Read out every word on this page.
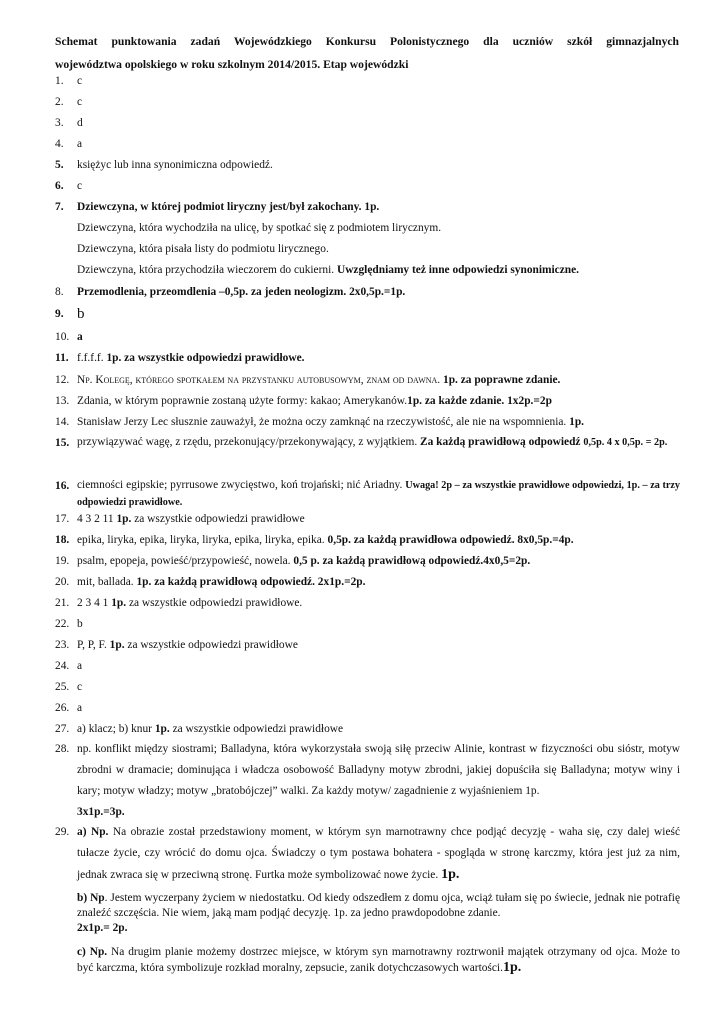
Schemat punktowania zadań Wojewódzkiego Konkursu Polonistycznego dla uczniów szkół gimnazjalnych
województwa opolskiego w roku szkolnym 2014/2015. Etap wojewódzki
1.	c
2.	c
3.	d
4.	a
5.	księżyc lub inna synonimiczna odpowiedź.
6.	c
7.	Dziewczyna, w której podmiot liryczny jest/był zakochany. 1p.
Dziewczyna, która wychodziła na ulicę, by spotkać się z podmiotem lirycznym.
Dziewczyna, która pisała listy do podmiotu lirycznego.
Dziewczyna, która przychodziła wieczorem do cukierni. Uwzględniamy też inne odpowiedzi synonimiczne.
8.	Przemodlenia, przeomdlenia –0,5p. za jeden neologizm. 2x0,5p.=1p.
9. b
10. a
11. f.f.f.f. 1p. za wszystkie odpowiedzi prawidłowe.
12. Np. Kolegę, którego spotkałem na przystanku autobusowym, znam od dawna. 1p. za poprawne zdanie.
13. Zdania, w którym poprawnie zostaną użyte formy: kakao; Amerykanów.1p. za każde zdanie. 1x2p.=2p
14. Stanisław Jerzy Lec słusznie zauważył, że można oczy zamknąć na rzeczywistość, ale nie na wspomnienia. 1p.
15. przywiązywać wagę, z rzędu, przekonujący/przekonywający, z wyjątkiem. Za każdą prawidłową odpowiedź 0,5p. 4 x 0,5p. = 2p.
16. ciemności egipskie; pyrrusowe zwycięstwo, koń trojański; nić Ariadny. Uwaga! 2p – za wszystkie prawidłowe odpowiedzi, 1p. – za trzy odpowiedzi prawidłowe.
17. 4 3 2 11 1p. za wszystkie odpowiedzi prawidłowe
18. epika, liryka, epika, liryka, liryka, epika, liryka, epika. 0,5p. za każdą prawidłowa odpowiedź. 8x0,5p.=4p.
19. psalm, epopeja, powieść/przypowieść, nowela. 0,5 p. za każdą prawidłową odpowiedź.4x0,5=2p.
20. mit, ballada. 1p. za każdą prawidłową odpowiedź. 2x1p.=2p.
21. 2 3 4 1 1p. za wszystkie odpowiedzi prawidłowe.
22. b
23. P, P, F. 1p. za wszystkie odpowiedzi prawidłowe
24. a
25. c
26. a
27. a) klacz; b) knur 1p. za wszystkie odpowiedzi prawidłowe
28. np. konflikt między siostrami; Balladyna, która wykorzystała swoją siłę przeciw Alinie, kontrast w fizyczności obu sióstr, motyw zbrodni w dramacie; dominująca i władcza osobowość Balladyny motyw zbrodni, jakiej dopuściła się Balladyna; motyw winy i kary; motyw władzy; motyw „bratobójczej” walki. Za każdy motyw/ zagadnienie z wyjaśnieniem 1p.
3x1p.=3p.
29. a) Np. Na obrazie został przedstawiony moment, w którym syn marnotrawny chce podjąć decyzję - waha się, czy dalej wieść tułacze życie, czy wrócić do domu ojca. Świadczy o tym postawa bohatera - spogląda w stronę karczmy, która jest już za nim, jednak zwraca się w przeciwną stronę. Furtka może symbolizować nowe życie. 1p.

b) Np. Jestem wyczerpany życiem w niedostatku. Od kiedy odszedłem z domu ojca, wciąż tułam się po świecie, jednak nie potrafię znaleźć szczęścia. Nie wiem, jaką mam podjąć decyzję. 1p. za jedno prawdopodobne zdanie.
2x1p.= 2p.

c) Np. Na drugim planie możemy dostrzec miejsce, w którym syn marnotrawny roztrwonił majątek otrzymany od ojca. Może to być karczma, która symbolizuje rozkład moralny, zepsucie, zanik dotychczasowych wartości.1p.
